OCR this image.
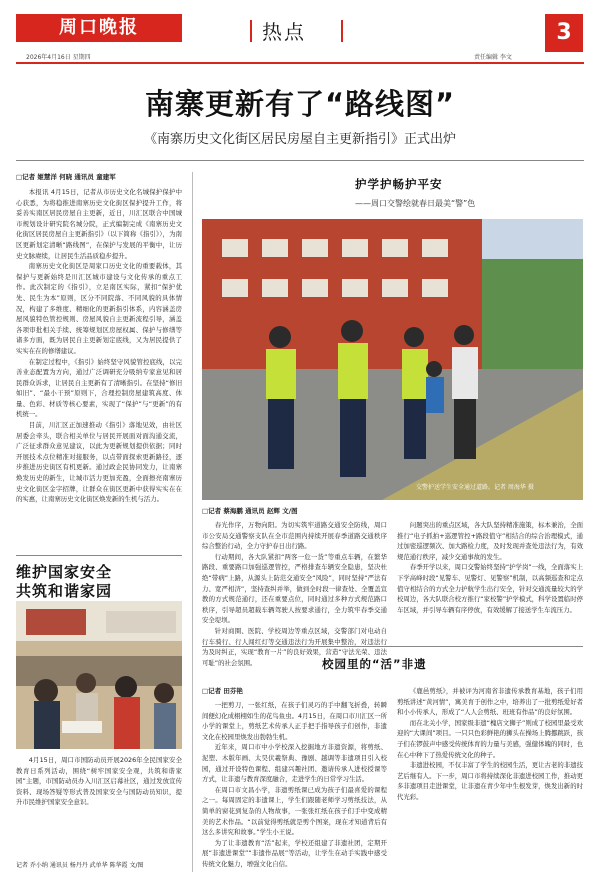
周口晚报
2026年4月16日 星期四
热点
责任编辑 李文
3
南寨更新有了“路线图”
《南寨历史文化街区居民房屋自主更新指引》正式出炉
□记者 姬慧洋 何晓 通讯员 童建军

本报讯 4月15日，记者从市历史文化名城保护保护中心获悉，为将稳推进南寨历史文化街区保护提升工作，将妥善实南区居民房屋自主更新，近日，川汇区联合中国城市规划设计研究院名城分院，正式编制完成《南寨历史文化街区居民房屋自主更新指引》（以下简称《指引》），为南区更新划定清晰“路线图”，在保护与发展的平衡中，让历史文脉赓续，让居民生活品质稳步提升。

南寨历史文化街区是周家口历史文化的重要载体，其保护与更新始终是川汇区城市建设与文化传承的重点工作。此次制定的《指引》，立足南区实际，紧扣“保护优先、民生为本”原则，区分不同院落、不同风貌的具体情况，构建了多维度、精细化的更新指引体系，内容涵盖房屋风貌特色管控规则、房屋风貌自主更新流程引导，涵盖各项审批相关手续、统筹规划区房屋权属、保护与修缮等诸多方面，既为居民自主更新划定底线，又为居民提供了实实在在的修缮建议。

在制定过程中，《指引》始终坚守风貌管控底线，以完善业态配置为方向，通过广泛调研充分吸纳专家意见和居民群众诉求，让居民自主更新有了清晰指引。在坚持“修旧如旧”、“最小干预”原则下，合理控制房屋建筑高度、体量、色彩、材质等核心要素，实现了“保护”与“更新”的有机统一。

目前，川汇区正加速推动《指引》落地见效，由社区居委会牵头，联合相关单位与居民开展面对面沟通交流，广泛征求群众意见建议，以此为更新规划提供依据；同时开展技术点位精准对接服务，以点带面探索更新路径，逐步推进历史街区有机更新。通过政企民协同发力，让南寨焕发历史的新生，让城市活力更加充盈，全面擦亮南寨历史文化街区金字招牌，让群众在街区更新中获得实实在在的实惠，让南寨历史文化街区焕发新的生机与活力。

维护国家安全
共筑和谐家园

4月15日，周口市国防动员开展2026年全民国家安全教育日系列活动，围绕“树牢国家安全观，共筑和谐家园”主题，市国防动员办入川汇区启幕社区，通过发放宣传资料、现场答疑等形式普及国家安全与国防动员知识，提升市民维护国家安全意识。

记者 乔小纳 通讯员 杨丹丹 武单华 陈华霞 文/图
护学护畅护平安
——周口交警绘就春日最美“警”色
交警护送学生安全通过道路。记者 周海华 摄
□记者 蔡海鹏 通讯员 赵辉 文/图

春光作序，万物向阳。为切实筑牢道路交通安全防线，周口市公安局交通警察支队在全市范围内持续开展春季道路交通秩序综合整治行动，全力守护春日出行路。

行动期间，各大队紧扣“两客一危一货”等重点车辆，在繁华路段、重要路口加强巡逻管控，严格排查车辆安全隐患，坚决杜绝“带病”上路，从源头上防范交通安全“风险”，同时坚持“严法有力、宽严相济”，坚持查纠并举，做到全时段一律查处、全覆盖宣教的方式规范通行，还在重要点位，同时通过多种方式规范路口秩序，引导超员超载车辆驾驶人按要求通行，全力筑牢春季交通安全堤坝。

针对商圈、医院、学校周边等重点区域，交警部门对电动自行车骑行、行人闯红灯等交通违法行为开展集中整治，对违法行为及时纠正，实现“教育一片”的良好效果，营造“守法光荣、违法可耻”的社会氛围。

问题突出的重点区域，各大队坚持精准施策，标本兼治，全面推行“电子抓拍+巡逻管控+路段值守”相结合的综合治理模式，通过加密巡逻频次、加大路检力度，及时发现并查处违法行为，有效规范通行秩序，减少交通事故的发生。

春季开学以来，周口交警始终坚持“护学岗”一线，全面落实上下学高峰时段“见警车、见警灯、见警察”机制，以高频巡查和定点值守相结合的方式全力护航学生出行安全，针对交通流量较大的学校周边，各大队联合校方推行“家校警”护学模式，科学设置临时停车区域，并引导车辆有序停放，有效缓解了接送学生车流压力。

校园里的“活”非遗
□记者 田芬艳

一把剪刀，一张红纸，在孩子们灵巧的手中翻飞折叠，转瞬间便幻化成栩栩如生的花鸟鱼虫。4月15日，在周口市川汇区一所小学的课堂上，剪纸艺术传承人正手把手指导孩子们创作，非遗文化在校园里焕发出勃勃生机。

近年来，周口市中小学校深入挖掘地方非遗资源，将剪纸、泥塑、木版年画、太昊伏羲祭典、豫剧、越调等非遗项目引入校园，通过开设特色课程、组建兴趣社团、邀请传承人进校授课等方式，让非遗与教育深度融合，走进学生的日常学习生活。

在周口市文昌小学，非遗剪纸课已成为孩子们最喜爱的课程之一。每周固定的非遗课上，学生们跟随老师学习剪纸技法，从简单的窗花到复杂的人物故事，一张张红纸在孩子们手中变成精美的艺术作品。“以前觉得剪纸就是剪个图案，现在才知道背后有这么多讲究和故事。”学生小王说。

为了让非遗教育“活”起来，学校还组建了非遗社团，定期开展“非遗进课堂”“非遗作品展”等活动，让学生在动手实践中感受传统文化魅力，增强文化自信。

《鹿邑剪纸》，并被评为河南省非遗传承教育基地，孩子们用剪纸讲述“黄河情”，寓美育于创作之中，培养出了一批剪纸爱好者和小小传承人，形成了“人人会剪纸、班班有作品”的良好氛围。

而在北关小学，国家级非遗“槐店文狮子”则成了校园里最受欢迎的“大课间”项目。一只只色彩鲜艳的狮头在操场上腾挪跳跃，孩子们在锣鼓声中感受传统体育的力量与美感，强健体魄的同时，也在心中种下了热爱传统文化的种子。

非遗进校园，不仅丰富了学生的校园生活，更让古老的非遗技艺后继有人。下一步，周口市将持续深化非遗进校园工作，推动更多非遗项目走进课堂，让非遗在青少年中生根发芽，焕发出新的时代光彩。
